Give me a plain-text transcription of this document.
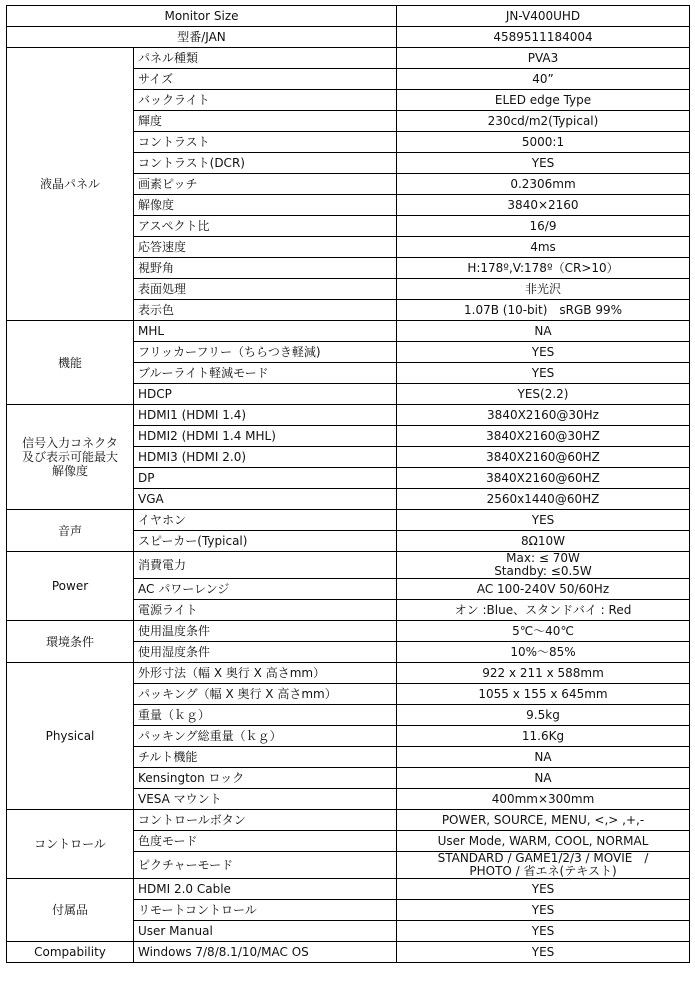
Monitor Size		JN-V400UHD
型番/JAN		4589511184004
液晶パネル	パネル種類	PVA3
	サイズ	40”
	バックライト	ELED edge Type
	輝度	230cd/m2(Typical)
	コントラスト	5000:1
	コントラスト(DCR)	YES
	画素ピッチ	0.2306mm
	解像度	3840×2160
	アスペクト比	16/9
	応答速度	4ms
	視野角	H:178º,V:178º（CR>10）
	表面処理	非光沢
	表示色	1.07B (10-bit)　sRGB 99%
機能	MHL	NA
	フリッカーフリー（ちらつき軽減)	YES
	ブルーライト軽減モード	YES
	HDCP	YES(2.2)
信号入力コネクタ及び表示可能最大解像度	HDMI1 (HDMI 1.4)	3840X2160@30Hz
	HDMI2 (HDMI 1.4 MHL)	3840X2160@30HZ
	HDMI3 (HDMI 2.0)	3840X2160@60HZ
	DP	3840X2160@60HZ
	VGA	2560x1440@60HZ
音声	イヤホン	YES
	スピーカー(Typical)	8Ω10W
Power	消費電力	Max: ≤ 70W
Standby: ≤0.5W

	AC パワーレンジ	AC 100-240V 50/60Hz
	電源ライト	オン :Blue、スタンドバイ : Red
環境条件	使用温度条件	5℃～40℃
	使用湿度条件	10%～85%
Physical	外形寸法（幅 X 奥行 X 高さmm）	922 x 211 x 588mm
	パッキング（幅 X 奥行 X 高さmm）	1055 x 155 x 645mm
	重量（ｋｇ）	9.5kg
	パッキング総重量（ｋｇ）	11.6Kg
	チルト機能	NA
	Kensington ロック	NA
	VESA マウント	400mm×300mm
コントロール	コントロールボタン	POWER, SOURCE, MENU, <,> ,+,-
	色度モード	User Mode, WARM, COOL, NORMAL
	ピクチャーモード	STANDARD / GAME1/2/3 / MOVIE　/
PHOTO / 省エネ(テキスト)

付属品	HDMI 2.0 Cable	YES
	リモートコントロール	YES
	User Manual	YES
Compability	Windows 7/8/8.1/10/MAC OS	YES
